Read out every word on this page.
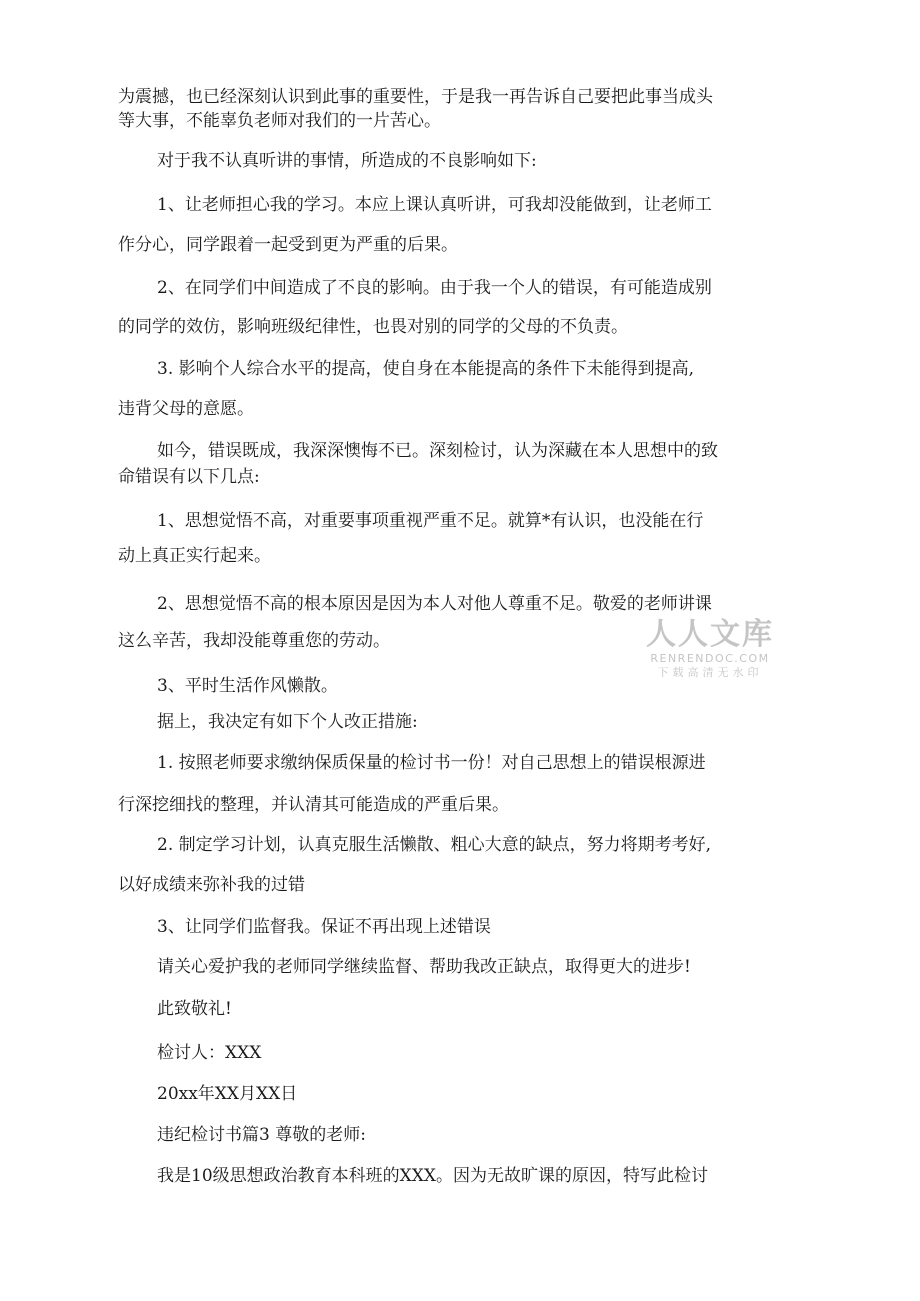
为震撼，也已经深刻认识到此事的重要性，于是我一再告诉自己要把此事当成头
等大事，不能辜负老师对我们的一片苦心。
对于我不认真听讲的事情，所造成的不良影响如下:
1、让老师担心我的学习。本应上课认真听讲，可我却没能做到，让老师工
作分心，同学跟着一起受到更为严重的后果。
2、在同学们中间造成了不良的影响。由于我一个人的错误，有可能造成别
的同学的效仿，影响班级纪律性，也畏对别的同学的父母的不负责。
3. 影响个人综合水平的提高，使自身在本能提高的条件下未能得到提高,
违背父母的意愿。
如今，错误既成，我深深懊悔不已。深刻检讨，认为深藏在本人思想中的致
命错误有以下几点:
1、思想觉悟不高，对重要事项重视严重不足。就算*有认识，也没能在行
动上真正实行起来。
2、思想觉悟不高的根本原因是因为本人对他人尊重不足。敬爱的老师讲课
这么辛苦，我却没能尊重您的劳动。
3、平时生活作风懒散。
据上，我决定有如下个人改正措施:
1. 按照老师要求缴纳保质保量的检讨书一份！对自己思想上的错误根源进
行深挖细找的整理，并认清其可能造成的严重后果。
2. 制定学习计划，认真克服生活懒散、粗心大意的缺点，努力将期考考好,
以好成绩来弥补我的过错
3、让同学们监督我。保证不再出现上述错误
请关心爱护我的老师同学继续监督、帮助我改正缺点，取得更大的进步!
此致敬礼!
检讨人：XXX
20xx年XX月XX日
违纪检讨书篇3 尊敬的老师:
我是10级思想政治教育本科班的XXX。因为无故旷课的原因，特写此检讨
人人文库
RENRENDOC.COM
下载高清无水印
